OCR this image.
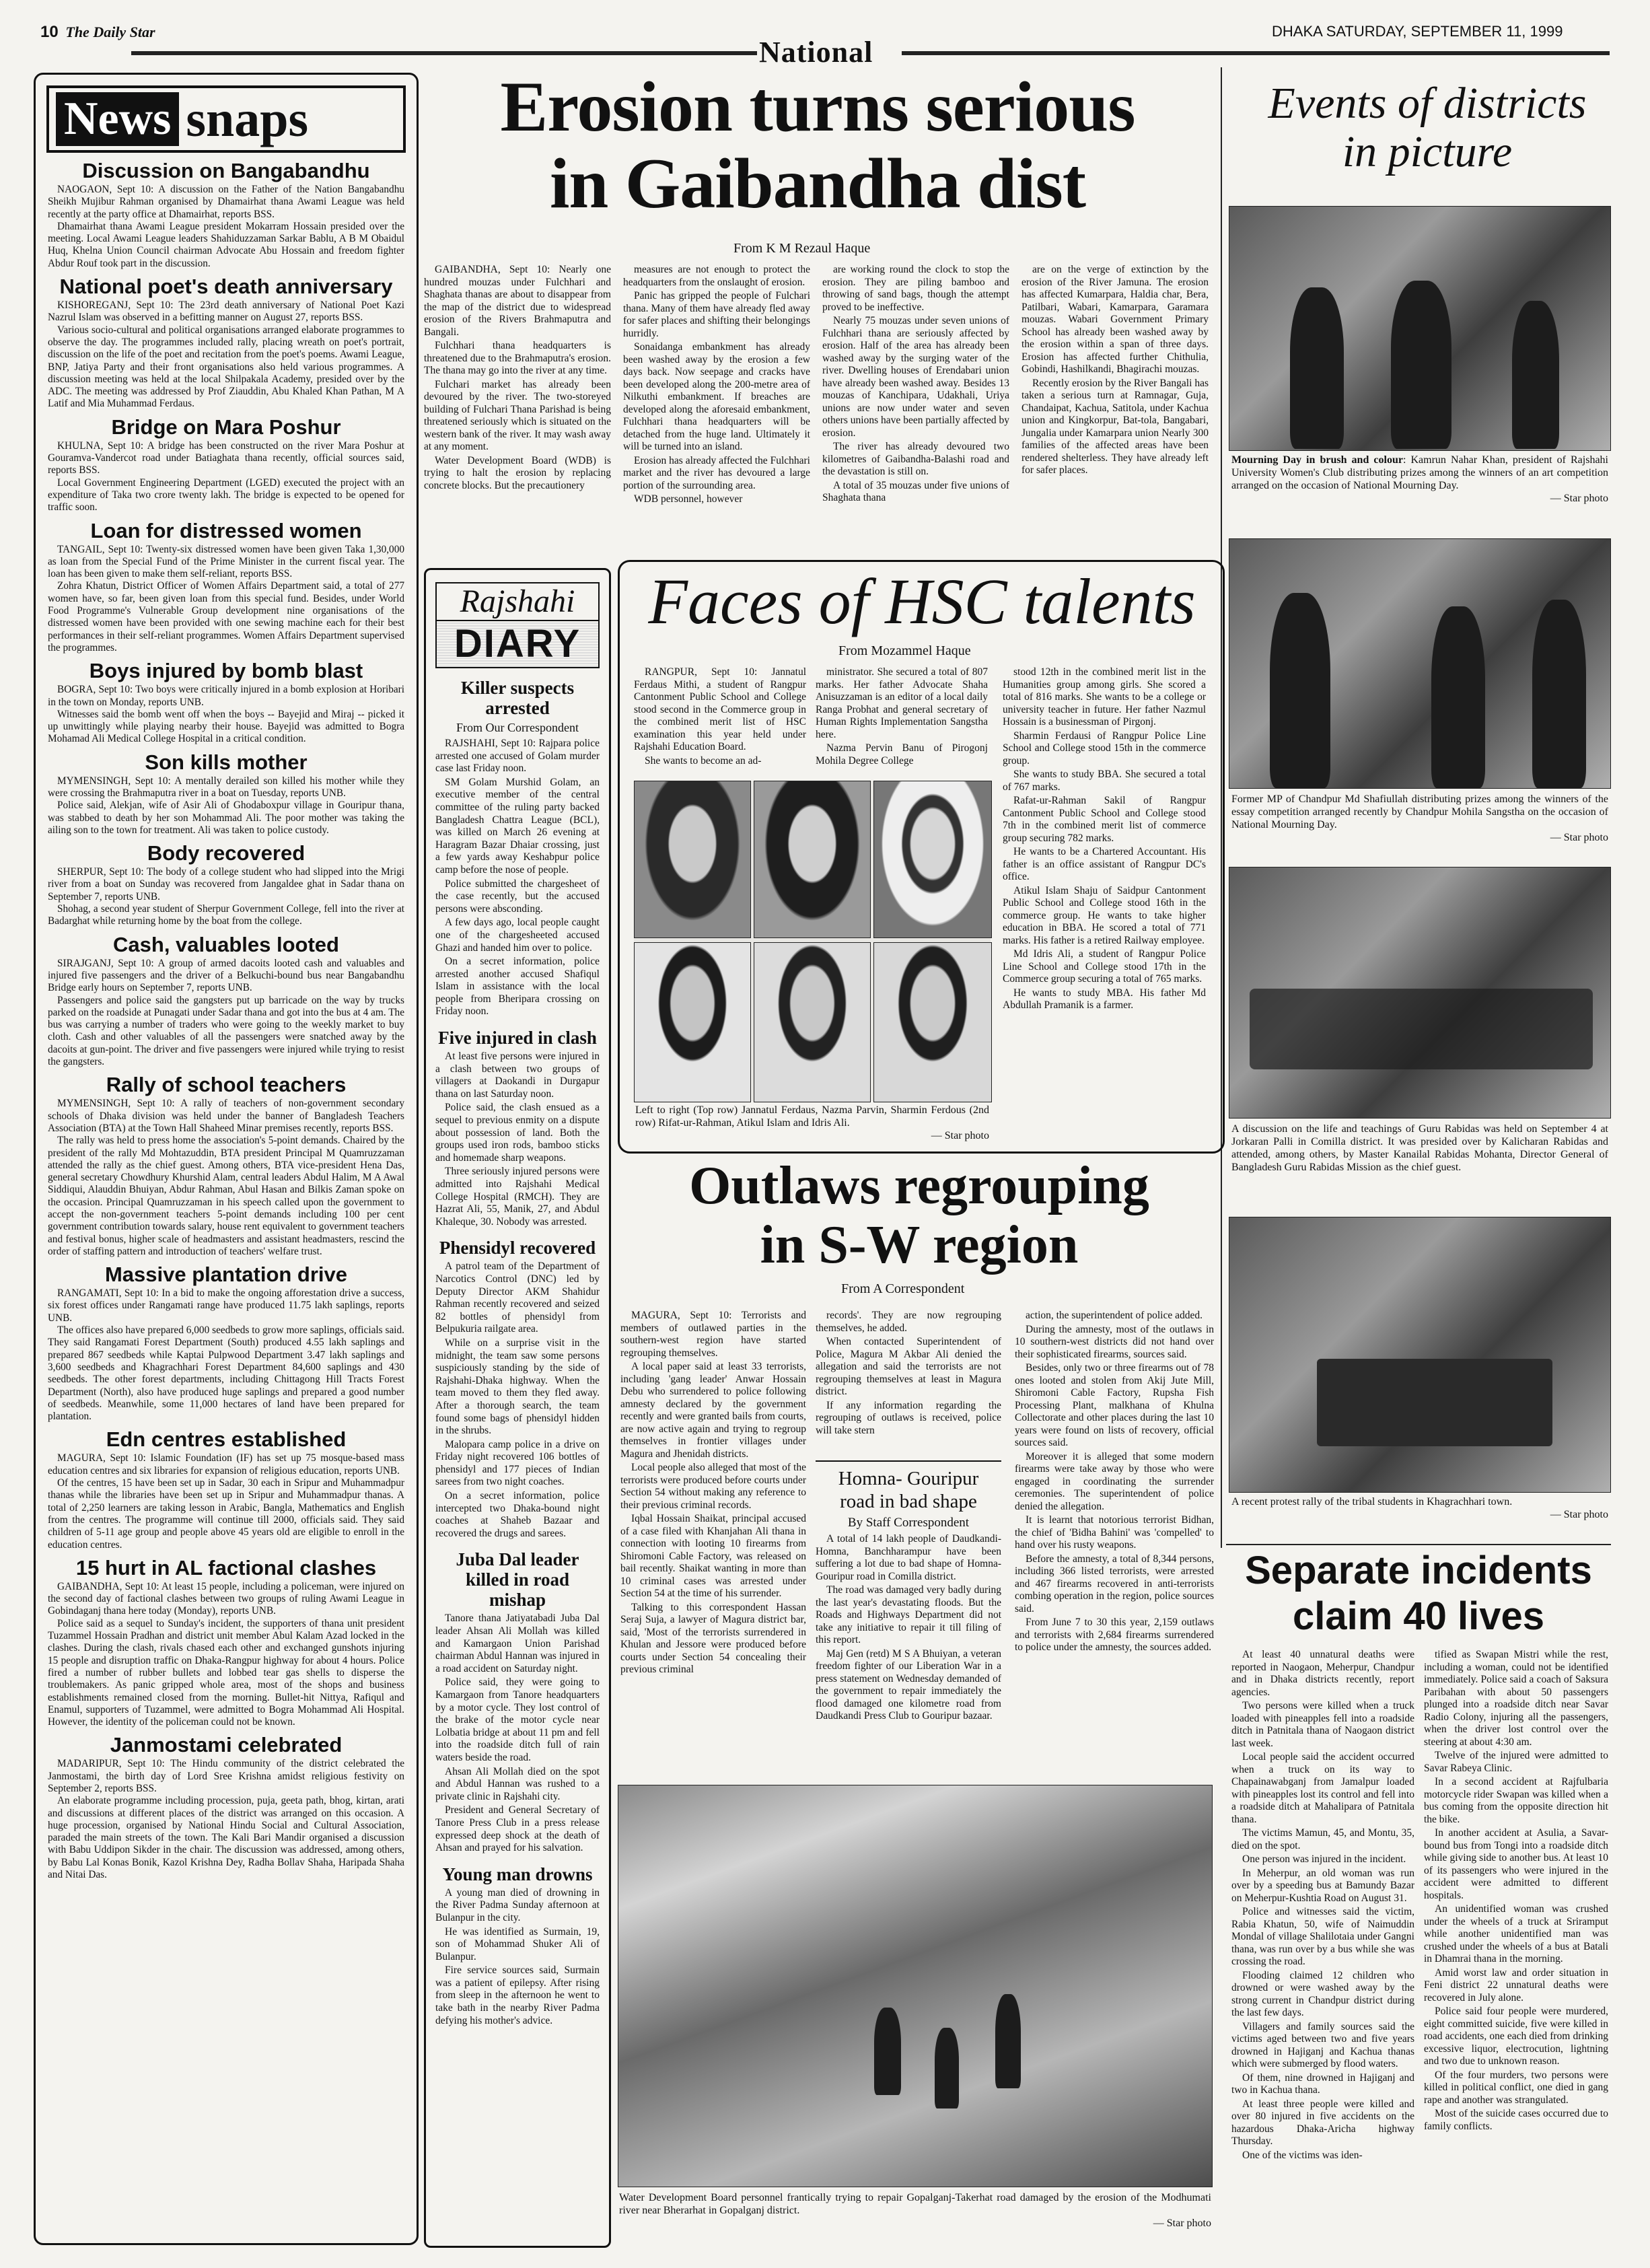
10 The Daily Star
National
DHAKA SATURDAY, SEPTEMBER 11, 1999
News snaps
Discussion on Bangabandhu

NAOGAON, Sept 10: A discussion on the Father of the Nation Bangabandhu Sheikh Mujibur Rahman organised by Dhamairhat thana Awami League was held recently at the party office at Dhamairhat, reports BSS.

Dhamairhat thana Awami League president Mokarram Hossain presided over the meeting. Local Awami League leaders Shahiduzzaman Sarkar Bablu, A B M Obaidul Huq, Khelna Union Council chairman Advocate Abu Hossain and freedom fighter Abdur Rouf took part in the discussion.

National poet's death anniversary

KISHOREGANJ, Sept 10: The 23rd death anniversary of National Poet Kazi Nazrul Islam was observed in a befitting manner on August 27, reports BSS.

Various socio-cultural and political organisations arranged elaborate programmes to observe the day. The programmes included rally, placing wreath on poet's portrait, discussion on the life of the poet and recitation from the poet's poems. Awami League, BNP, Jatiya Party and their front organisations also held various programmes. A discussion meeting was held at the local Shilpakala Academy, presided over by the ADC. The meeting was addressed by Prof Ziauddin, Abu Khaled Khan Pathan, M A Latif and Mia Muhammad Ferdaus.

Bridge on Mara Poshur

KHULNA, Sept 10: A bridge has been constructed on the river Mara Poshur at Gouramva-Vandercot road under Batiaghata thana recently, official sources said, reports BSS.

Local Government Engineering Department (LGED) executed the project with an expenditure of Taka two crore twenty lakh. The bridge is expected to be opened for traffic soon.

Loan for distressed women

TANGAIL, Sept 10: Twenty-six distressed women have been given Taka 1,30,000 as loan from the Special Fund of the Prime Minister in the current fiscal year. The loan has been given to make them self-reliant, reports BSS.

Zohra Khatun, District Officer of Women Affairs Department said, a total of 277 women have, so far, been given loan from this special fund. Besides, under World Food Programme's Vulnerable Group development nine organisations of the distressed women have been provided with one sewing machine each for their best performances in their self-reliant programmes. Women Affairs Department supervised the programmes.

Boys injured by bomb blast

BOGRA, Sept 10: Two boys were critically injured in a bomb explosion at Horibari in the town on Monday, reports UNB.

Witnesses said the bomb went off when the boys -- Bayejid and Miraj -- picked it up unwittingly while playing nearby their house. Bayejid was admitted to Bogra Mohamad Ali Medical College Hospital in a critical condition.

Son kills mother

MYMENSINGH, Sept 10: A mentally derailed son killed his mother while they were crossing the Brahmaputra river in a boat on Tuesday, reports UNB.

Police said, Alekjan, wife of Asir Ali of Ghodaboxpur village in Gouripur thana, was stabbed to death by her son Mohammad Ali. The poor mother was taking the ailing son to the town for treatment. Ali was taken to police custody.

Body recovered

SHERPUR, Sept 10: The body of a college student who had slipped into the Mrigi river from a boat on Sunday was recovered from Jangaldee ghat in Sadar thana on September 7, reports UNB.

Shohag, a second year student of Sherpur Government College, fell into the river at Badarghat while returning home by the boat from the college.

Cash, valuables looted

SIRAJGANJ, Sept 10: A group of armed dacoits looted cash and valuables and injured five passengers and the driver of a Belkuchi-bound bus near Bangabandhu Bridge early hours on September 7, reports UNB.

Passengers and police said the gangsters put up barricade on the way by trucks parked on the roadside at Punagati under Sadar thana and got into the bus at 4 am. The bus was carrying a number of traders who were going to the weekly market to buy cloth. Cash and other valuables of all the passengers were snatched away by the dacoits at gun-point. The driver and five passengers were injured while trying to resist the gangsters.

Rally of school teachers

MYMENSINGH, Sept 10: A rally of teachers of non-government secondary schools of Dhaka division was held under the banner of Bangladesh Teachers Association (BTA) at the Town Hall Shaheed Minar premises recently, reports BSS.

The rally was held to press home the association's 5-point demands. Chaired by the president of the rally Md Mohtazuddin, BTA president Principal M Quamruzzaman attended the rally as the chief guest. Among others, BTA vice-president Hena Das, general secretary Chowdhury Khurshid Alam, central leaders Abdul Halim, M A Awal Siddiqui, Alauddin Bhuiyan, Abdur Rahman, Abul Hasan and Bilkis Zaman spoke on the occasion. Principal Quamruzzaman in his speech called upon the government to accept the non-government teachers 5-point demands including 100 per cent government contribution towards salary, house rent equivalent to government teachers and festival bonus, higher scale of headmasters and assistant headmasters, rescind the order of staffing pattern and introduction of teachers' welfare trust.

Massive plantation drive

RANGAMATI, Sept 10: In a bid to make the ongoing afforestation drive a success, six forest offices under Rangamati range have produced 11.75 lakh saplings, reports UNB.

The offices also have prepared 6,000 seedbeds to grow more saplings, officials said. They said Rangamati Forest Department (South) produced 4.55 lakh saplings and prepared 867 seedbeds while Kaptai Pulpwood Department 3.47 lakh saplings and 3,600 seedbeds and Khagrachhari Forest Department 84,600 saplings and 430 seedbeds. The other forest departments, including Chittagong Hill Tracts Forest Department (North), also have produced huge saplings and prepared a good number of seedbeds. Meanwhile, some 11,000 hectares of land have been prepared for plantation.

Edn centres established

MAGURA, Sept 10: Islamic Foundation (IF) has set up 75 mosque-based mass education centres and six libraries for expansion of religious education, reports UNB.

Of the centres, 15 have been set up in Sadar, 30 each in Sripur and Muhammadpur thanas while the libraries have been set up in Sripur and Muhammadpur thanas. A total of 2,250 learners are taking lesson in Arabic, Bangla, Mathematics and English from the centres. The programme will continue till 2000, officials said. They said children of 5-11 age group and people above 45 years old are eligible to enroll in the education centres.

15 hurt in AL factional clashes

GAIBANDHA, Sept 10: At least 15 people, including a policeman, were injured on the second day of factional clashes between two groups of ruling Awami League in Gobindaganj thana here today (Monday), reports UNB.

Police said as a sequel to Sunday's incident, the supporters of thana unit president Tuzammel Hossain Pradhan and district unit member Abul Kalam Azad locked in the clashes. During the clash, rivals chased each other and exchanged gunshots injuring 15 people and disruption traffic on Dhaka-Rangpur highway for about 4 hours. Police fired a number of rubber bullets and lobbed tear gas shells to disperse the troublemakers. As panic gripped whole area, most of the shops and business establishments remained closed from the morning. Bullet-hit Nittya, Rafiqul and Enamul, supporters of Tuzammel, were admitted to Bogra Mohammad Ali Hospital. However, the identity of the policeman could not be known.

Janmostami celebrated

MADARIPUR, Sept 10: The Hindu community of the district celebrated the Janmostami, the birth day of Lord Sree Krishna amidst religious festivity on September 2, reports BSS.

An elaborate programme including procession, puja, geeta path, bhog, kirtan, arati and discussions at different places of the district was arranged on this occasion. A huge procession, organised by National Hindu Social and Cultural Association, paraded the main streets of the town. The Kali Bari Mandir organised a discussion with Babu Uddipon Sikder in the chair. The discussion was addressed, among others, by Babu Lal Konas Bonik, Kazol Krishna Dey, Radha Bollav Shaha, Haripada Shaha and Nitai Das.

Erosion turns serious
in Gaibandha dist
From K M Rezaul Haque

GAIBANDHA, Sept 10: Nearly one hundred mouzas under Fulchhari and Shaghata thanas are about to disappear from the map of the district due to widespread erosion of the Rivers Brahmaputra and Bangali.

Fulchhari thana headquarters is threatened due to the Brahmaputra's erosion. The thana may go into the river at any time.

Fulchari market has already been devoured by the river. The two-storeyed building of Fulchari Thana Parishad is being threatened seriously which is situated on the western bank of the river. It may wash away at any moment.

Water Development Board (WDB) is trying to halt the erosion by replacing concrete blocks. But the precautionery

measures are not enough to protect the headquarters from the onslaught of erosion.

Panic has gripped the people of Fulchari thana. Many of them have already fled away for safer places and shifting their belongings hurridly.

Sonaidanga embankment has already been washed away by the erosion a few days back. Now seepage and cracks have been developed along the 200-metre area of Nilkuthi embankment. If breaches are developed along the aforesaid embankment, Fulchhari thana headquarters will be detached from the huge land. Ultimately it will be turned into an island.

Erosion has already affected the Fulchhari market and the river has devoured a large portion of the surrounding area.

WDB personnel, however

are working round the clock to stop the erosion. They are piling bamboo and throwing of sand bags, though the attempt proved to be ineffective.

Nearly 75 mouzas under seven unions of Fulchhari thana are seriously affected by erosion. Half of the area has already been washed away by the surging water of the river. Dwelling houses of Erendabari union have already been washed away. Besides 13 mouzas of Kanchipara, Udakhali, Uriya unions are now under water and seven others unions have been partially affected by erosion.

The river has already devoured two kilometres of Gaibandha-Balashi road and the devastation is still on.

A total of 35 mouzas under five unions of Shaghata thana

are on the verge of extinction by the erosion of the River Jamuna. The erosion has affected Kumarpara, Haldia char, Bera, Patilbari, Wabari, Kamarpara, Garamara mouzas. Wabari Government Primary School has already been washed away by the erosion within a span of three days. Erosion has affected further Chithulia, Gobindi, Hashilkandi, Bhagirachi mouzas.

Recently erosion by the River Bangali has taken a serious turn at Ramnagar, Guja, Chandaipat, Kachua, Satitola, under Kachua union and Kingkorpur, Bat-tola, Bangabari, Jungalia under Kamarpara union Nearly 300 families of the affected areas have been rendered shelterless. They have already left for safer places.

Events of districts
in picture
Mourning Day in brush and colour: Kamrun Nahar Khan, president of Rajshahi University Women's Club distributing prizes among the winners of an art competition arranged on the occasion of National Mourning Day.
— Star photo
Former MP of Chandpur Md Shafiullah distributing prizes among the winners of the essay competition arranged recently by Chandpur Mohila Sangstha on the occasion of National Mourning Day.
— Star photo
A discussion on the life and teachings of Guru Rabidas was held on September 4 at Jorkaran Palli in Comilla district. It was presided over by Kalicharan Rabidas and attended, among others, by Master Kanailal Rabidas Mohanta, Director General of Bangladesh Guru Rabidas Mission as the chief guest.
A recent protest rally of the tribal students in Khagrachhari town.
— Star photo
Rajshahi
DIARY
Killer suspects arrested
From Our Correspondent

RAJSHAHI, Sept 10: Rajpara police arrested one accused of Golam murder case last Friday noon.

SM Golam Murshid Golam, an executive member of the central committee of the ruling party backed Bangladesh Chattra League (BCL), was killed on March 26 evening at Haragram Bazar Dhaiar crossing, just a few yards away Keshabpur police camp before the nose of people.

Police submitted the chargesheet of the case recently, but the accused persons were absconding.

A few days ago, local people caught one of the chargesheeted accused Ghazi and handed him over to police.

On a secret information, police arrested another accused Shafiqul Islam in assistance with the local people from Bheripara crossing on Friday noon.

Five injured in clash

At least five persons were injured in a clash between two groups of villagers at Daokandi in Durgapur thana on last Saturday noon.

Police said, the clash ensued as a sequel to previous enmity on a dispute about possession of land. Both the groups used iron rods, bamboo sticks and homemade sharp weapons.

Three seriously injured persons were admitted into Rajshahi Medical College Hospital (RMCH). They are Hazrat Ali, 55, Manik, 27, and Abdul Khaleque, 30. Nobody was arrested.

Phensidyl recovered

A patrol team of the Department of Narcotics Control (DNC) led by Deputy Director AKM Shahidur Rahman recently recovered and seized 82 bottles of phensidyl from Belpukuria railgate area.

While on a surprise visit in the midnight, the team saw some persons suspiciously standing by the side of Rajshahi-Dhaka highway. When the team moved to them they fled away. After a thorough search, the team found some bags of phensidyl hidden in the shrubs.

Malopara camp police in a drive on Friday night recovered 106 bottles of phensidyl and 177 pieces of Indian sarees from two night coaches.

On a secret information, police intercepted two Dhaka-bound night coaches at Shaheb Bazaar and recovered the drugs and sarees.

Juba Dal leader killed in road mishap

Tanore thana Jatiyatabadi Juba Dal leader Ahsan Ali Mollah was killed and Kamargaon Union Parishad chairman Abdul Hannan was injured in a road accident on Saturday night.

Police said, they were going to Kamargaon from Tanore headquarters by a motor cycle. They lost control of the brake of the motor cycle near Lolbatia bridge at about 11 pm and fell into the roadside ditch full of rain waters beside the road.

Ahsan Ali Mollah died on the spot and Abdul Hannan was rushed to a private clinic in Rajshahi city.

President and General Secretary of Tanore Press Club in a press release expressed deep shock at the death of Ahsan and prayed for his salvation.

Young man drowns

A young man died of drowning in the River Padma Sunday afternoon at Bulanpur in the city.

He was identified as Surmain, 19, son of Mohammad Shuker Ali of Bulanpur.

Fire service sources said, Surmain was a patient of epilepsy. After rising from sleep in the afternoon he went to take bath in the nearby River Padma defying his mother's advice.

Faces of HSC talents
From Mozammel Haque

RANGPUR, Sept 10: Jannatul Ferdaus Mithi, a student of Rangpur Cantonment Public School and College stood second in the Commerce group in the combined merit list of HSC examination this year held under Rajshahi Education Board.

She wants to become an ad-

ministrator. She secured a total of 807 marks. Her father Advocate Shaha Anisuzzaman is an editor of a local daily Ranga Probhat and general secretary of Human Rights Implementation Sangstha here.

Nazma Pervin Banu of Pirogonj Mohila Degree College

stood 12th in the combined merit list in the Humanities group among girls. She scored a total of 816 marks. She wants to be a college or university teacher in future. Her father Nazmul Hossain is a businessman of Pirgonj.

Sharmin Ferdausi of Rangpur Police Line School and College stood 15th in the commerce group.

She wants to study BBA. She secured a total of 767 marks.

Rafat-ur-Rahman Sakil of Rangpur Cantonment Public School and College stood 7th in the combined merit list of commerce group securing 782 marks.

He wants to be a Chartered Accountant. His father is an office assistant of Rangpur DC's office.

Atikul Islam Shaju of Saidpur Cantonment Public School and College stood 16th in the commerce group. He wants to take higher education in BBA. He scored a total of 771 marks. His father is a retired Railway employee.

Md Idris Ali, a student of Rangpur Police Line School and College stood 17th in the Commerce group securing a total of 765 marks.

He wants to study MBA. His father Md Abdullah Pramanik is a farmer.

Left to right (Top row) Jannatul Ferdaus, Nazma Parvin, Sharmin Ferdous (2nd row) Rifat-ur-Rahman, Atikul Islam and Idris Ali.
— Star photo
Outlaws regrouping
in S-W region
From A Correspondent

MAGURA, Sept 10: Terrorists and members of outlawed parties in the southern-west region have started regrouping themselves.

A local paper said at least 33 terrorists, including 'gang leader' Anwar Hossain Debu who surrendered to police following amnesty declared by the government recently and were granted bails from courts, are now active again and trying to regroup themselves in frontier villages under Magura and Jhenidah districts.

Local people also alleged that most of the terrorists were produced before courts under Section 54 without making any reference to their previous criminal records.

Iqbal Hossain Shaikat, principal accused of a case filed with Khanjahan Ali thana in connection with looting 10 firearms from Shiromoni Cable Factory, was released on bail recently. Shaikat wanting in more than 10 criminal cases was arrested under Section 54 at the time of his surrender.

Talking to this correspondent Hassan Seraj Suja, a lawyer of Magura district bar, said, 'Most of the terrorists surrendered in Khulan and Jessore were produced before courts under Section 54 concealing their previous criminal

records'. They are now regrouping themselves, he added.

When contacted Superintendent of Police, Magura M Akbar Ali denied the allegation and said the terrorists are not regrouping themselves at least in Magura district.

If any information regarding the regrouping of outlaws is received, police will take stern

action, the superintendent of police added.

During the amnesty, most of the outlaws in 10 southern-west districts did not hand over their sophisticated firearms, sources said.

Besides, only two or three firearms out of 78 ones looted and stolen from Akij Jute Mill, Shiromoni Cable Factory, Rupsha Fish Processing Plant, malkhana of Khulna Collectorate and other places during the last 10 years were found on lists of recovery, official sources said.

Moreover it is alleged that some modern firearms were take away by those who were engaged in coordinating the surrender ceremonies. The superintendent of police denied the allegation.

It is learnt that notorious terrorist Bidhan, the chief of 'Bidha Bahini' was 'compelled' to hand over his rusty weapons.

Before the amnesty, a total of 8,344 persons, including 366 listed terrorists, were arrested and 467 firearms recovered in anti-terrorists combing operation in the region, police sources said.

From June 7 to 30 this year, 2,159 outlaws and terrorists with 2,684 firearms surrendered to police under the amnesty, the sources added.

Homna- Gouripur
road in bad shape
By Staff Correspondent

A total of 14 lakh people of Daudkandi-Homna, Banchharampur have been suffering a lot due to bad shape of Homna-Gouripur road in Comilla district.

The road was damaged very badly during the last year's devastating floods. But the Roads and Highways Department did not take any initiative to repair it till filing of this report.

Maj Gen (retd) M S A Bhuiyan, a veteran freedom fighter of our Liberation War in a press statement on Wednesday demanded of the government to repair immediately the flood damaged one kilometre road from Daudkandi Press Club to Gouripur bazaar.

Water Development Board personnel frantically trying to repair Gopalganj-Takerhat road damaged by the erosion of the Modhumati river near Bherarhat in Gopalganj district.
— Star photo
Separate incidents
claim 40 lives

At least 40 unnatural deaths were reported in Naogaon, Meherpur, Chandpur and in Dhaka districts recently, report agencies.

Two persons were killed when a truck loaded with pineapples fell into a roadside ditch in Patnitala thana of Naogaon district last week.

Local people said the accident occurred when a truck on its way to Chapainawabganj from Jamalpur loaded with pineapples lost its control and fell into a roadside ditch at Mahalipara of Patnitala thana.

The victims Mamun, 45, and Montu, 35, died on the spot.

One person was injured in the incident.

In Meherpur, an old woman was run over by a speeding bus at Bamundy Bazar on Meherpur-Kushtia Road on August 31.

Police and witnesses said the victim, Rabia Khatun, 50, wife of Naimuddin Mondal of village Shalilotaia under Gangni thana, was run over by a bus while she was crossing the road.

Flooding claimed 12 children who drowned or were washed away by the strong current in Chandpur district during the last few days.

Villagers and family sources said the victims aged between two and five years drowned in Hajiganj and Kachua thanas which were submerged by flood waters.

Of them, nine drowned in Hajiganj and two in Kachua thana.

At least three people were killed and over 80 injured in five accidents on the hazardous Dhaka-Aricha highway Thursday.

One of the victims was iden-

tified as Swapan Mistri while the rest, including a woman, could not be identified immediately. Police said a coach of Saksura Paribahan with about 50 passengers plunged into a roadside ditch near Savar Radio Colony, injuring all the passengers, when the driver lost control over the steering at about 4:30 am.

Twelve of the injured were admitted to Savar Rabeya Clinic.

In a second accident at Rajfulbaria motorcycle rider Swapan was killed when a bus coming from the opposite direction hit the bike.

In another accident at Asulia, a Savar-bound bus from Tongi into a roadside ditch while giving side to another bus. At least 10 of its passengers who were injured in the accident were admitted to different hospitals.

An unidentified woman was crushed under the wheels of a truck at Sriramput while another unidentified man was crushed under the wheels of a bus at Batali in Dhamrai thana in the morning.

Amid worst law and order situation in Feni district 22 unnatural deaths were recovered in July alone.

Police said four people were murdered, eight committed suicide, five were killed in road accidents, one each died from drinking excessive liquor, electrocution, lightning and two due to unknown reason.

Of the four murders, two persons were killed in political conflict, one died in gang rape and another was strangulated.

Most of the suicide cases occurred due to family conflicts.
